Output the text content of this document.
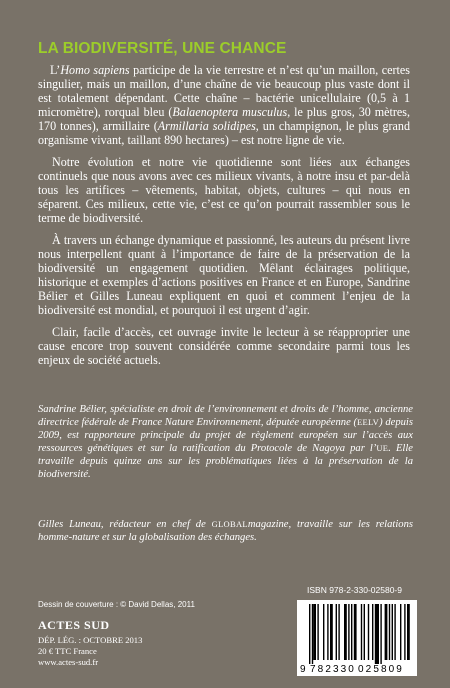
LA BIODIVERSITÉ, UNE CHANCE

L’Homo sapiens participe de la vie terrestre et n’est qu’un maillon, certes singulier, mais un maillon, d’une chaîne de vie beaucoup plus vaste dont il est totalement dépendant. Cette chaîne – bactérie unicellulaire (0,5 à 1 micromètre), rorqual bleu (Balaenoptera musculus, le plus gros, 30 mètres, 170 tonnes), armillaire (Armillaria solidipes, un champignon, le plus grand organisme vivant, taillant 890 hectares) – est notre ligne de vie.

Notre évolution et notre vie quotidienne sont liées aux échanges continuels que nous avons avec ces milieux vivants, à notre insu et par-delà tous les artifices – vêtements, habitat, objets, cultures – qui nous en séparent. Ces milieux, cette vie, c’est ce qu’on pourrait rassembler sous le terme de biodiversité.

À travers un échange dynamique et passionné, les auteurs du présent livre nous interpellent quant à l’importance de faire de la préservation de la biodiversité un engagement quotidien. Mêlant éclairages politique, historique et exemples d’actions positives en France et en Europe, Sandrine Bélier et Gilles Luneau expliquent en quoi et comment l’enjeu de la biodiversité est mondial, et pourquoi il est urgent d’agir.

Clair, facile d’accès, cet ouvrage invite le lecteur à se réapproprier une cause encore trop souvent considérée comme secondaire parmi tous les enjeux de société actuels.

Sandrine Bélier, spécialiste en droit de l’environnement et droits de l’homme, ancienne directrice fédérale de France Nature Environnement, députée européenne (EELV) depuis 2009, est rapporteure principale du projet de règlement européen sur l’accès aux ressources génétiques et sur la ratification du Protocole de Nagoya par l’UE. Elle travaille depuis quinze ans sur les problématiques liées à la préservation de la biodiversité.

Gilles Luneau, rédacteur en chef de GLOBALmagazine, travaille sur les relations homme-nature et sur la globalisation des échanges.

ISBN 978-2-330-02580-9
Dessin de couverture : © David Dellas, 2011
ACTES SUD
DÉP. LÉG. : OCTOBRE 2013
20 € TTC France
www.actes-sud.fr
9 782330 025809
